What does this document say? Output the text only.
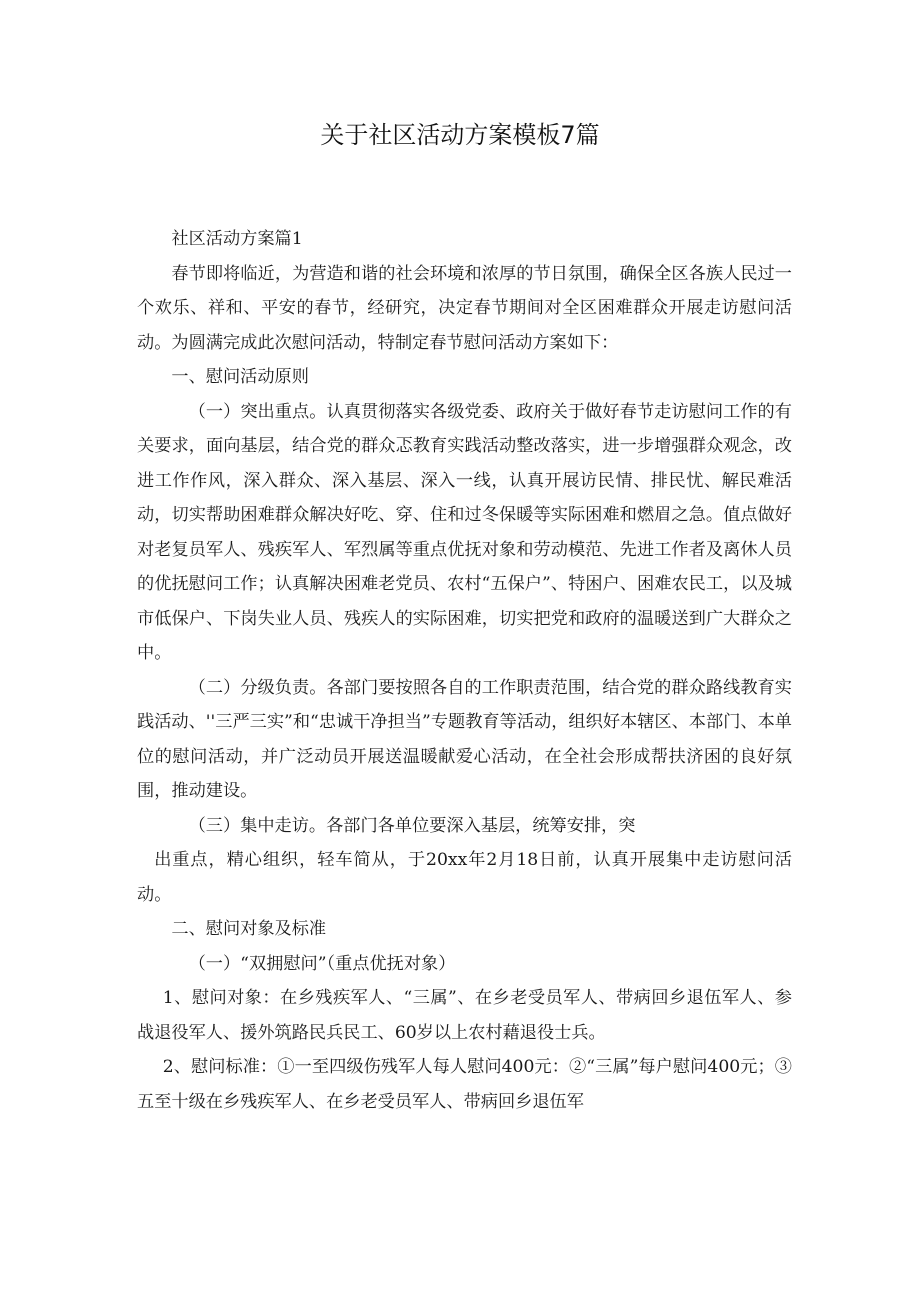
关于社区活动方案模板7篇

社区活动方案篇1

春节即将临近，为营造和谐的社会环境和浓厚的节日氛围，确保全区各族人民过一个欢乐、祥和、平安的春节，经研究，决定春节期间对全区困难群众开展走访慰问活动。为圆满完成此次慰问活动，特制定春节慰问活动方案如下：

一、慰问活动原则

（一）突出重点。认真贯彻落实各级党委、政府关于做好春节走访慰问工作的有关要求，面向基层，结合党的群众忑教育实践活动整改落实，进一步增强群众观念，改进工作作风，深入群众、深入基层、深入一线，认真开展访民情、排民忧、解民难活动，切实帮助困难群众解决好吃、穿、住和过冬保暖等实际困难和燃眉之急。值点做好对老复员军人、残疾军人、军烈属等重点优抚对象和劳动模范、先进工作者及离休人员的优抚慰问工作；认真解决困难老党员、农村“五保户”、特困户、困难农民工，以及城市低保户、下岗失业人员、残疾人的实际困难，切实把党和政府的温暖送到广大群众之中。

（二）分级负责。各部门要按照各自的工作职责范围，结合党的群众路线教育实践活动、''三严三实”和“忠诚干净担当”专题教育等活动，组织好本辖区、本部门、本单位的慰问活动，并广泛动员开展送温暖献爱心活动，在全社会形成帮扶济困的良好氛围，推动建设。

（三）集中走访。各部门各单位要深入基层，统筹安排，突

出重点，精心组织，轻车简从，于20xx年2月18日前，认真开展集中走访慰问活动。

二、慰问对象及标准

（一）“双拥慰问”（重点优抚对象）

1、慰问对象：在乡残疾军人、“三属”、在乡老受员军人、带病回乡退伍军人、参战退役军人、援外筑路民兵民工、60岁以上农村藉退役士兵。

2、慰问标准：①一至四级伤残军人每人慰问400元：②“三属”每户慰问400元；③五至十级在乡残疾军人、在乡老受员军人、带病回乡退伍军
